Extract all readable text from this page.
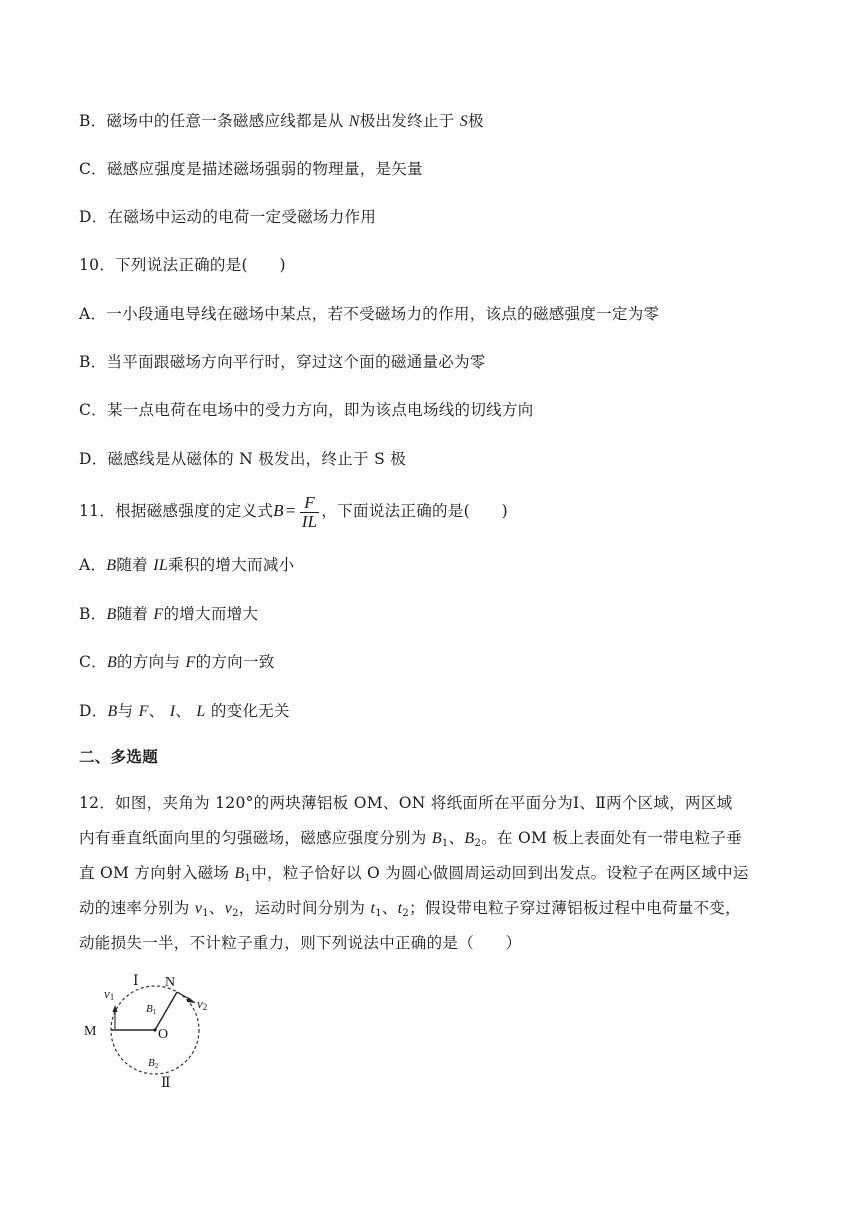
B．磁场中的任意一条磁感应线都是从 N极出发终止于 S极
C．磁感应强度是描述磁场强弱的物理量，是矢量
D．在磁场中运动的电荷一定受磁场力作用
10．下列说法正确的是(　　)
A．一小段通电导线在磁场中某点，若不受磁场力的作用，该点的磁感强度一定为零
B．当平面跟磁场方向平行时，穿过这个面的磁通量必为零
C．某一点电荷在电场中的受力方向，即为该点电场线的切线方向
D．磁感线是从磁体的 N 极发出，终止于 S 极
11．根据磁感强度的定义式$B = \frac{F}{IL}$ ，下面说法正确的是(　　)
A．B随着 IL乘积的增大而减小
B．B随着 F的增大而增大
C．B的方向与 F的方向一致
D．B与 F、 I、 L 的变化无关
二、多选题
12．如图，夹角为 120°的两块薄铝板 OM、ON 将纸面所在平面分为Ⅰ、Ⅱ两个区域，两区域
内有垂直纸面向里的匀强磁场，磁感应强度分别为 $B_1$、$B_2$。在 OM 板上表面处有一带电粒子垂
直 OM 方向射入磁场 $B_1$中，粒子恰好以 O 为圆心做圆周运动回到出发点。设粒子在两区域中运
动的速率分别为 $v_1$、$v_2$，运动时间分别为 $t_1$、$t_2$；假设带电粒子穿过薄铝板过程中电荷量不变，
动能损失一半，不计粒子重力，则下列说法中正确的是（　　）
M
N
O
Ⅰ
Ⅱ
v1	v2
B1
B2
